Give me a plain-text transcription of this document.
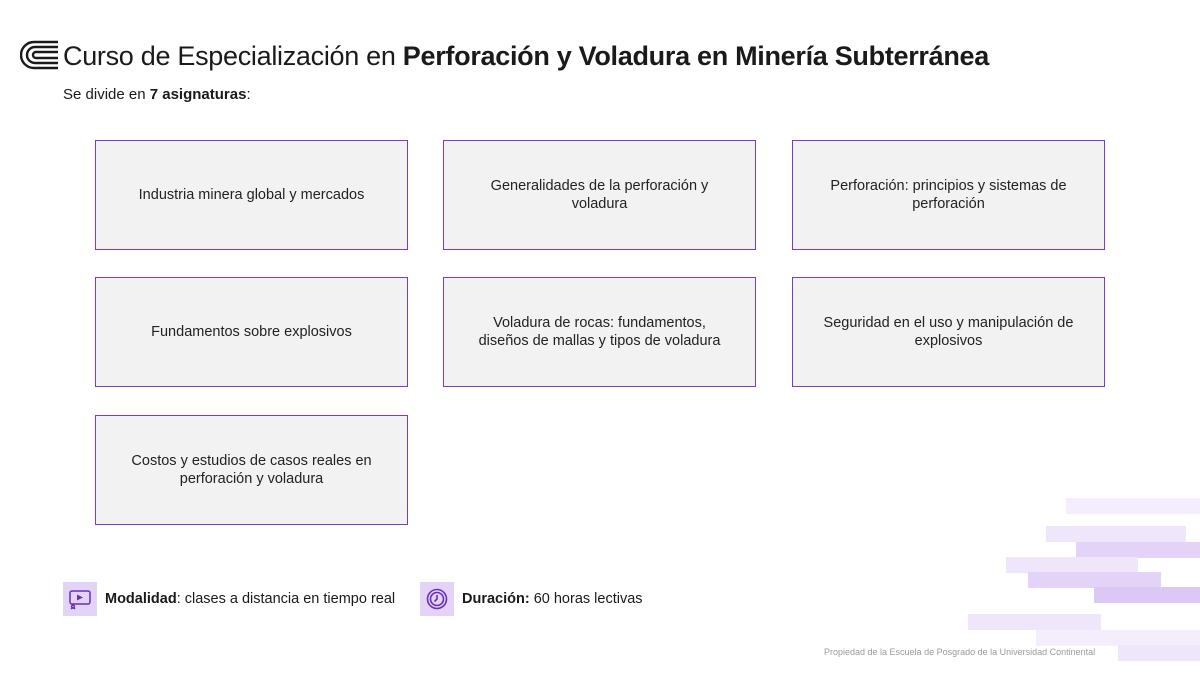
Curso de Especialización en Perforación y Voladura en Minería Subterránea
Se divide en 7 asignaturas:
Industria minera global y mercados
Generalidades de la perforación y voladura
Perforación: principios y sistemas de perforación
Fundamentos sobre explosivos
Voladura de rocas: fundamentos, diseños de mallas y tipos de voladura
Seguridad en el uso y manipulación de explosivos
Costos y estudios de casos reales en perforación y voladura
Modalidad: clases a distancia en tiempo real	Duración: 60 horas lectivas
Propiedad de la Escuela de Posgrado de la Universidad Continental
